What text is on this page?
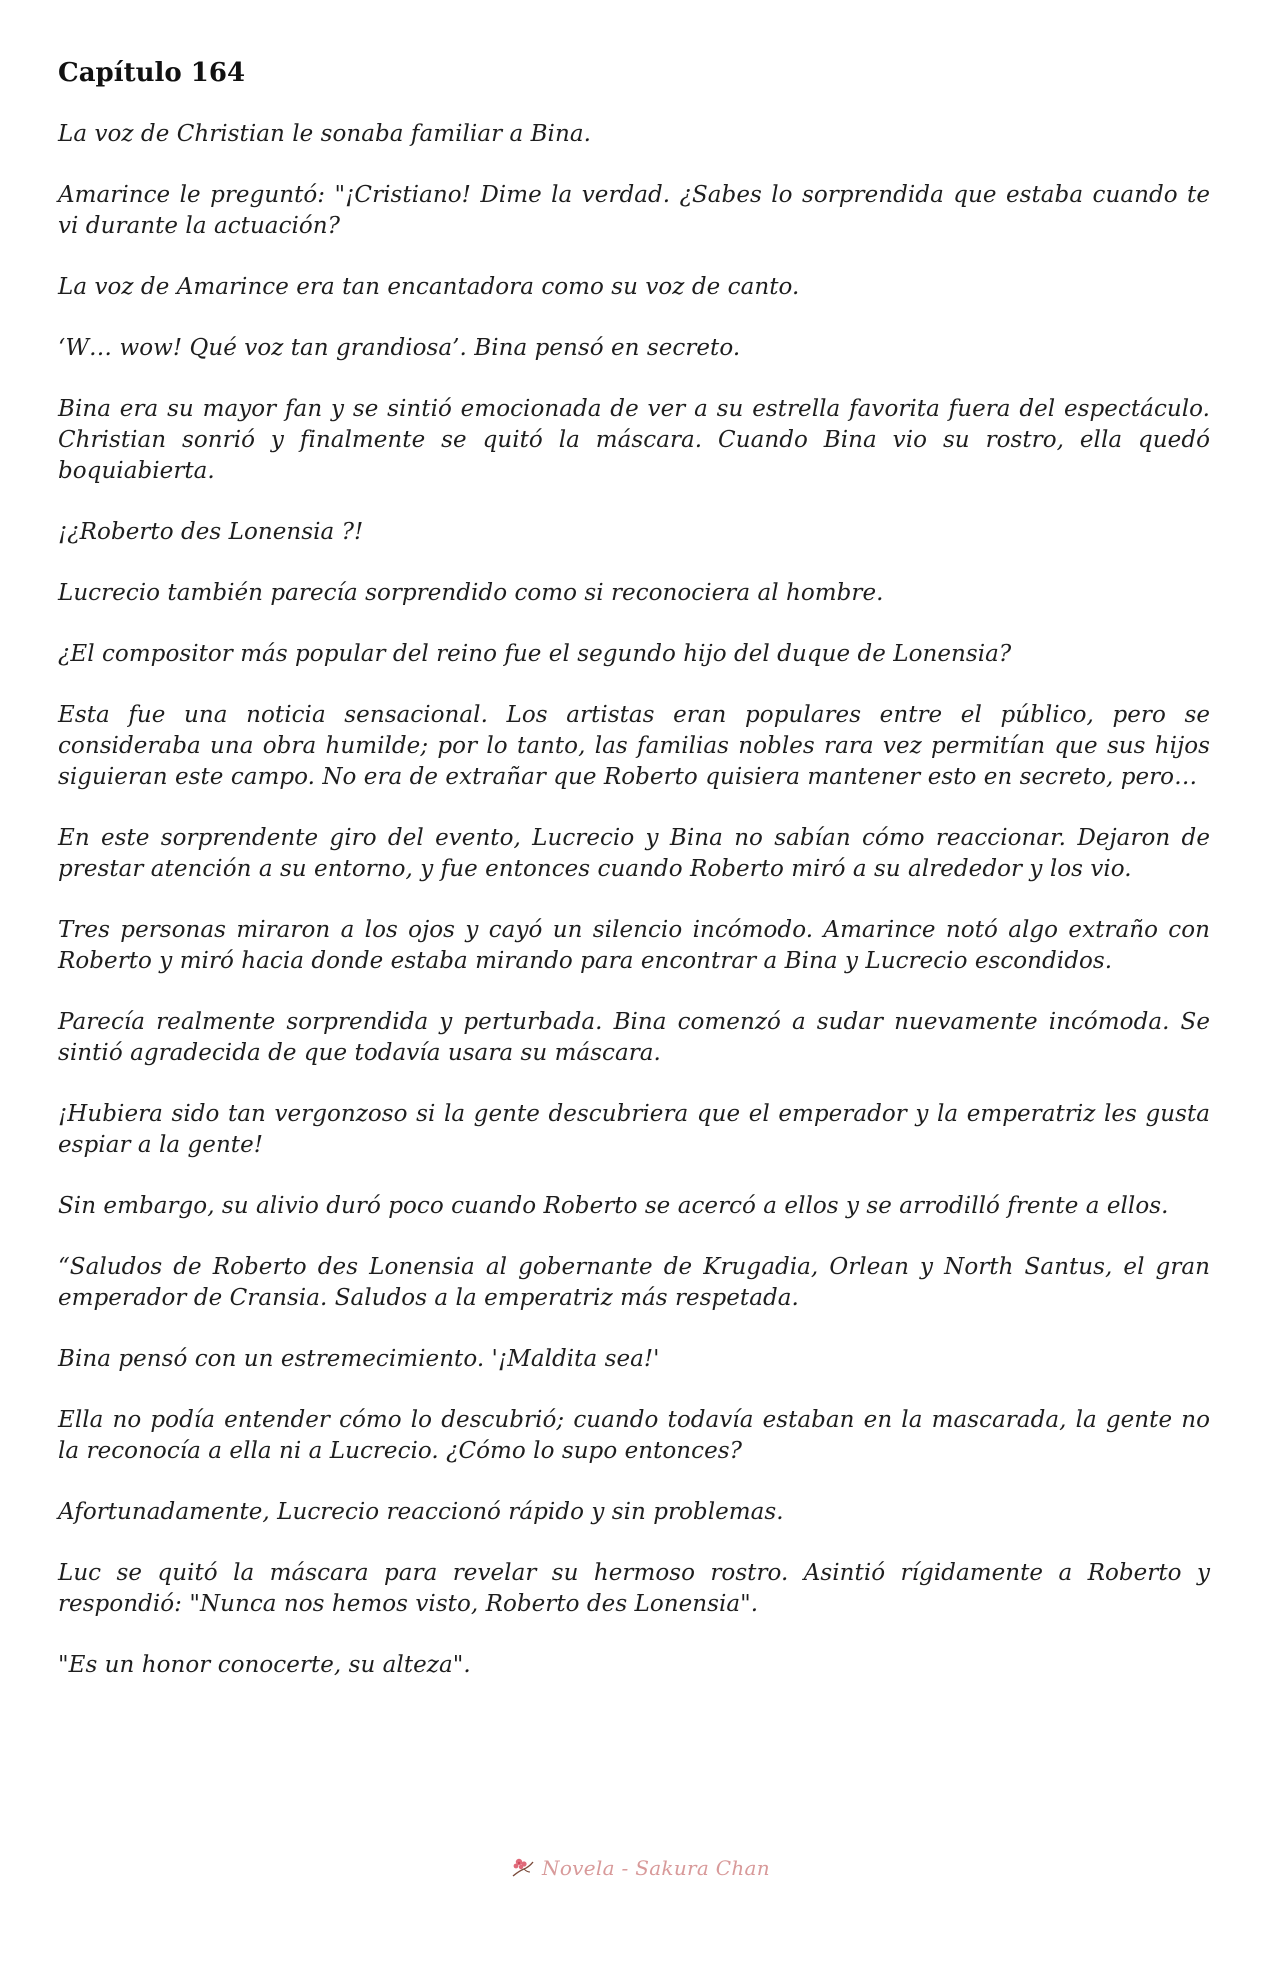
Capítulo 164

La voz de Christian le sonaba familiar a Bina.

Amarince le preguntó: "¡Cristiano! Dime la verdad. ¿Sabes lo sorprendida que estaba cuando te vi durante la actuación?

La voz de Amarince era tan encantadora como su voz de canto.

‘W… wow! Qué voz tan grandiosa’. Bina pensó en secreto.

Bina era su mayor fan y se sintió emocionada de ver a su estrella favorita fuera del espectáculo. Christian sonrió y finalmente se quitó la máscara. Cuando Bina vio su rostro, ella quedó boquiabierta.

¡¿Roberto des Lonensia ?!

Lucrecio también parecía sorprendido como si reconociera al hombre.

¿El compositor más popular del reino fue el segundo hijo del duque de Lonensia?

Esta fue una noticia sensacional. Los artistas eran populares entre el público, pero se consideraba una obra humilde; por lo tanto, las familias nobles rara vez permitían que sus hijos siguieran este campo. No era de extrañar que Roberto quisiera mantener esto en secreto, pero…

En este sorprendente giro del evento, Lucrecio y Bina no sabían cómo reaccionar. Dejaron de prestar atención a su entorno, y fue entonces cuando Roberto miró a su alrededor y los vio.

Tres personas miraron a los ojos y cayó un silencio incómodo. Amarince notó algo extraño con Roberto y miró hacia donde estaba mirando para encontrar a Bina y Lucrecio escondidos.

Parecía realmente sorprendida y perturbada. Bina comenzó a sudar nuevamente incómoda. Se sintió agradecida de que todavía usara su máscara.

¡Hubiera sido tan vergonzoso si la gente descubriera que el emperador y la emperatriz les gusta espiar a la gente!

Sin embargo, su alivio duró poco cuando Roberto se acercó a ellos y se arrodilló frente a ellos.

“Saludos de Roberto des Lonensia al gobernante de Krugadia, Orlean y North Santus, el gran emperador de Cransia. Saludos a la emperatriz más respetada.

Bina pensó con un estremecimiento. '¡Maldita sea!'

Ella no podía entender cómo lo descubrió; cuando todavía estaban en la mascarada, la gente no la reconocía a ella ni a Lucrecio. ¿Cómo lo supo entonces?

Afortunadamente, Lucrecio reaccionó rápido y sin problemas.

Luc se quitó la máscara para revelar su hermoso rostro. Asintió rígidamente a Roberto y respondió: "Nunca nos hemos visto, Roberto des Lonensia".

"Es un honor conocerte, su alteza".

Novela - Sakura Chan
